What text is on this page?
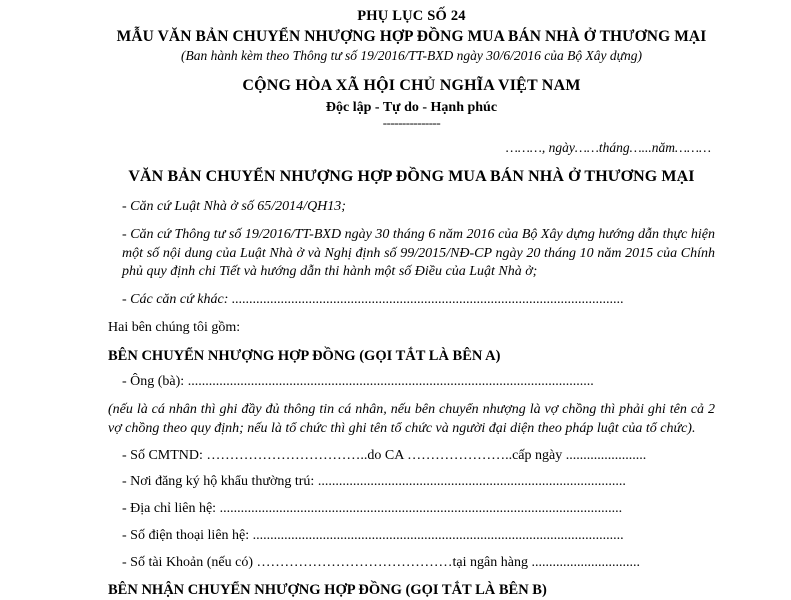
PHỤ LỤC SỐ 24
MẪU VĂN BẢN CHUYỂN NHƯỢNG HỢP ĐỒNG MUA BÁN NHÀ Ở THƯƠNG MẠI
(Ban hành kèm theo Thông tư số 19/2016/TT-BXD ngày 30/6/2016 của Bộ Xây dựng)
CỘNG HÒA XÃ HỘI CHỦ NGHĨA VIỆT NAM
Độc lập - Tự do - Hạnh phúc
---------------
………, ngày……tháng…...năm………
VĂN BẢN CHUYỂN NHƯỢNG HỢP ĐỒNG MUA BÁN NHÀ Ở THƯƠNG MẠI
- Căn cứ Luật Nhà ở số 65/2014/QH13;
- Căn cứ Thông tư số 19/2016/TT-BXD ngày 30 tháng 6 năm 2016 của Bộ Xây dựng hướng dẫn thực hiện một số nội dung của Luật Nhà ở và Nghị định số 99/2015/NĐ-CP ngày 20 tháng 10 năm 2015 của Chính phủ quy định chi Tiết và hướng dẫn thi hành một số Điều của Luật Nhà ở;
- Các căn cứ khác: ................................................................................................................
Hai bên chúng tôi gồm:
BÊN CHUYỂN NHƯỢNG HỢP ĐỒNG (GỌI TẮT LÀ BÊN A)
- Ông (bà): ....................................................................................................................
(nếu là cá nhân thì ghi đầy đủ thông tin cá nhân, nếu bên chuyển nhượng là vợ chồng thì phải ghi tên cả 2 vợ chồng theo quy định; nếu là tổ chức thì ghi tên tổ chức và người đại diện theo pháp luật của tổ chức).
- Số CMTND: ……………………………..do CA …………………..cấp ngày .......................
- Nơi đăng ký hộ khẩu thường trú: ........................................................................................
- Địa chỉ liên hệ: ...................................................................................................................
- Số điện thoại liên hệ: ..........................................................................................................
- Số tài Khoản (nếu có) ……………………………………tại ngân hàng ...............................
BÊN NHẬN CHUYỂN NHƯỢNG HỢP ĐỒNG (GỌI TẮT LÀ BÊN B)
